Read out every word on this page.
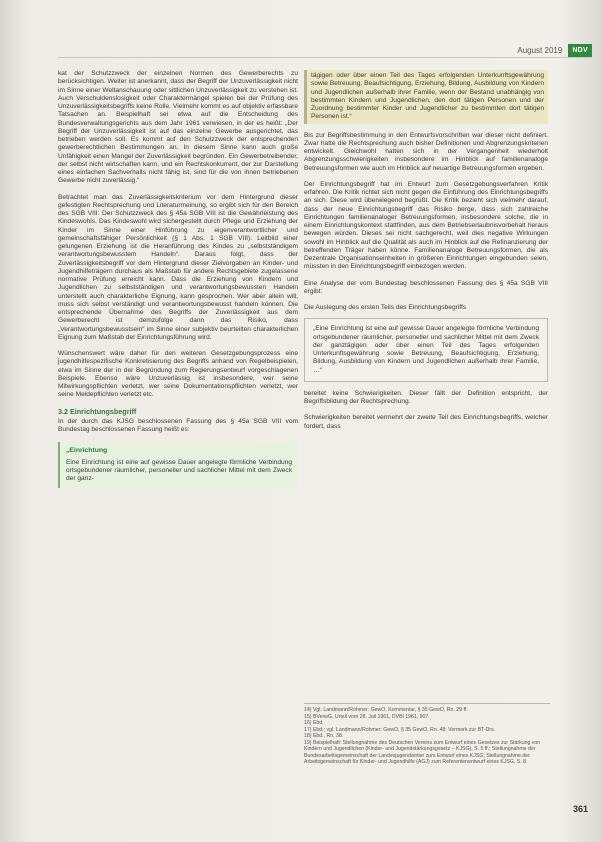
August 2019	NDV

kat der Schutzzweck der einzelnen Normen des Gewerberechts zu berücksichtigen. Weiter ist anerkannt, dass der Begriff der Unzuverlässigkeit nicht im Sinne einer Weltanschauung oder sittlichen Unzuverlässigkeit zu verstehen ist. Auch Verschuldenslosigkeit oder Charaktermängel spielen bei der Prüfung des Unzuverlässigkeitsbegriffs keine Rolle. Vielmehr kommt es auf objektiv erfassbare Tatsachen an. Beispielhaft sei etwa auf die Entscheidung des Bundesverwaltungsgerichts aus dem Jahr 1961 verwiesen, in der es heißt: „Der Begriff der Unzuverlässigkeit ist auf das einzelne Gewerbe ausgerichtet, das betrieben werden soll. Es kommt auf den Schutzzweck der entsprechenden gewerberechtlichen Bestimmungen an. In diesem Sinne kann auch große Unfähigkeit einen Mangel der Zuverlässigkeit begründen. Ein Gewerbetreibender, der selbst nicht wirtschaften kann, und ein Rechtskonkurrent, der zur Darstellung eines einfachen Sachverhalts nicht fähig ist, sind für die von ihnen betriebenen Gewerbe nicht zuverlässig.“

Betrachtet man das Zuverlässigkeitskriterium vor dem Hintergrund dieser gefestigten Rechtsprechung und Literaturmeinung, so ergibt sich für den Bereich des SGB VIII: Der Schutzzweck des § 45a SGB VIII ist die Gewährleistung des Kindeswohls. Das Kindeswohl wird sichergestellt durch Pflege und Erziehung der Kinder im Sinne einer Hinführung zu eigenverantwortlicher und gemeinschaftsfähiger Persönlichkeit (§ 1 Abs. 1 SGB VIII). Leitbild einer gelungenen Erziehung ist die Heranführung des Kindes zu „selbstständigem verantwortungsbewusstem Handeln“. Daraus folgt, dass der Zuverlässigkeitsbegriff vor dem Hintergrund dieser Zielvorgaben an Kinder- und Jugendhilfeträgern durchaus als Maßstab für andere Rechtsgebiete zugelassene normative Prüfung erreicht kann. Dass die Erziehung von Kindern und Jugendlichen zu selbstständigen und verantwortungsbewussten Handeln unterstellt auch charakterliche Eignung, kann gesprochen. Wer aber allein will, muss sich selbst verständigt und verantwortungsbewusst handeln können. Die entsprechende Übernahme des Begriffs der Zuverlässigkeit aus dem Gewerberecht ist demzufolge dann das Risiko, dass „Verantwortungsbewusstsein“ im Sinne einer subjektiv beurteilten charakterlichen Eignung zum Maßstab der Einrichtungsführung wird.

Wünschenswert wäre daher für den weiteren Gesetzgebungsprozess eine jugendhilfespezifische Konkretisierung des Begriffs anhand von Regelbeispielen, etwa im Sinne der in der Begründung zum Regierungsentwurf vorgeschlagenen Beispiele. Ebenso wäre Unzuverlässig ist insbesondere, wer seine Mitwirkungspflichten verletzt, wer seine Dokumentationspflichten verletzt, wer seine Meldepflichten verletzt etc.

3.2 Einrichtungsbegriff

In der durch das KJSG beschlossenen Fassung des § 45a SGB VIII vom Bundestag beschlossenen Fassung heißt es:

„Einrichtung
Eine Einrichtung ist eine auf gewisse Dauer angelegte förmliche Verbindung ortsgebundener räumlicher, personeller und sachlicher Mittel mit dem Zweck der ganz-
tägigen oder über einen Teil des Tages erfolgenden Unterkunftsgewährung sowie Betreuung, Beaufsichtigung, Erziehung, Bildung, Ausbildung von Kindern und Jugendlichen außerhalb ihrer Familie, wenn der Bestand unabhängig von bestimmten Kindern und Jugendlichen, den dort tätigen Personen und der Zuordnung bestimmter Kinder und Jugendlicher zu bestimmten dort tätigen Personen ist.“

Bis zur Begriffsbestimmung in den Entwurfsvorschriften war dieser nicht definiert. Zwar hatte die Rechtsprechung auch bisher Definitionen und Abgrenzungskriterien entwickelt. Gleichwohl hatten sich in der Vergangenheit wiederholt Abgrenzungsschwierigkeiten insbesondere im Hinblick auf familienanaloge Betreuungsformen wie auch im Hinblick auf neuartige Betreuungsformen ergeben.

Der Einrichtungsbegriff hat im Entwurf zum Gesetzgebungsverfahren Kritik erfahren. Die Kritik richtet sich nicht gegen die Einführung des Einrichtungsbegriffs an sich. Diese wird überwiegend begrüßt. Die Kritik bezieht sich vielmehr darauf, dass der neue Einrichtungsbegriff das Risiko berge, dass sich zahlreiche Einrichtungen familienanaloger Betreuungsformen, insbesondere solche, die in einem Einrichtungskontext stattfinden, aus dem Betriebserlaubnisvorbehalt heraus bewegen würden. Dieses sei nicht sachgerecht, weil dies negative Wirkungen sowohl im Hinblick auf die Qualität als auch im Hinblick auf die Refinanzierung der betreffenden Träger haben könne. Familienanaloge Betreuungsformen, die als Dezentrale Organisationseinheiten in größeren Einrichtungen eingebunden seien, müssten in den Einrichtungsbegriff einbezogen werden.

Eine Analyse der vom Bundestag beschlossenen Fassung des § 45a SGB VIII ergibt:

Die Auslegung des ersten Teils des Einrichtungsbegriffs

„Eine Einrichtung ist eine auf gewisse Dauer angelegte förmliche Verbindung ortsgebundener räumlicher, personeller und sachlicher Mittel mit dem Zweck der ganztägigen oder über einen Teil des Tages erfolgenden Unterkunftsgewährung sowie Betreuung, Beaufsichtigung, Erziehung, Bildung, Ausbildung von Kindern und Jugendlichen außerhalb ihrer Familie, …“

bereitet keine Schwierigkeiten. Dieser fällt der Definition entspricht, der Begriffsbildung der Rechtsprechung.

Schwierigkeiten bereitet vermehrt der zweite Teil des Einrichtungsbegriffs, welcher fordert, dass

14) Vgl. Landmann/Rohmer: GewO, Kommentar, § 35 GewO, Rn. 29 ff.

15) BVerwG, Urteil vom 28. Juli 1961, DVBl 1961, 907.

16) Ebd.

17) Ebd.; vgl. Landmann/Rohmer: GewO, § 35 GewO, Rn. 48; Vermerk zur BT-Drs.

18) Ebd., Rn. 38.

19) Beispielhaft: Stellungnahme des Deutschen Vereins zum Entwurf eines Gesetzes zur Stärkung von Kindern und Jugendlichen (Kinder- und Jugendstärkungsgesetz – KJSG), S. 5 ff.; Stellungnahme der Bundesarbeitsgemeinschaft der Landesjugendämter zum Entwurf eines KJSG; Stellungnahme der Arbeitsgemeinschaft für Kinder- und Jugendhilfe (AGJ) zum Referentenentwurf eines KJSG, S. 8.

361
